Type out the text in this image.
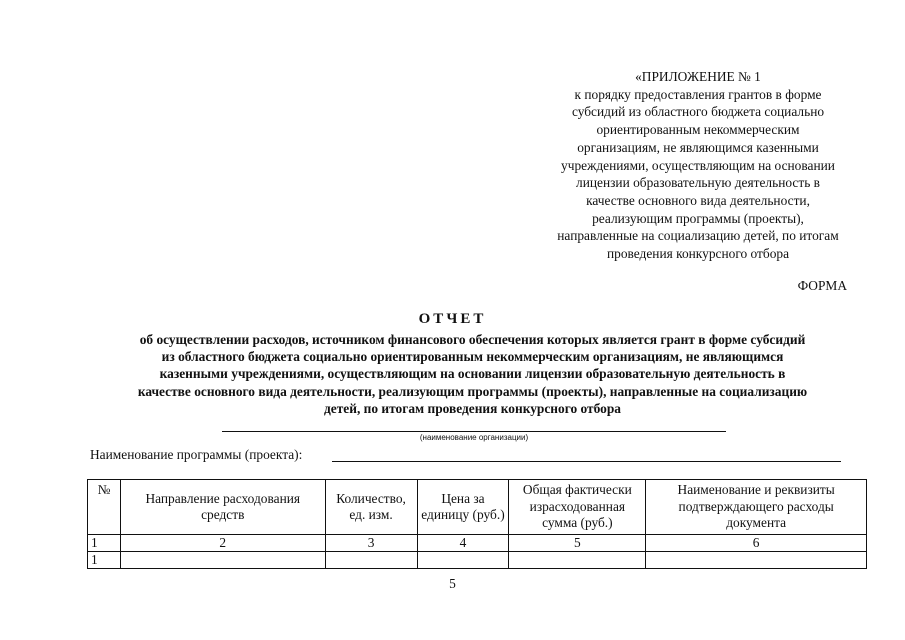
«ПРИЛОЖЕНИЕ № 1
к порядку предоставления грантов в форме
субсидий из областного бюджета социально
ориентированным некоммерческим
организациям, не являющимся казенными
учреждениями, осуществляющим на основании
лицензии образовательную деятельность в
качестве основного вида деятельности,
реализующим программы (проекты),
направленные на социализацию детей, по итогам
проведения конкурсного отбора
ФОРМА
ОТЧЕТ
об осуществлении расходов, источником финансового обеспечения которых является грант в форме субсидий
из областного бюджета социально ориентированным некоммерческим организациям, не являющимся
казенными учреждениями, осуществляющим на основании лицензии образовательную деятельность в
качестве основного вида деятельности, реализующим программы (проекты), направленные на социализацию
детей, по итогам проведения конкурсного отбора
(наименование организации)
Наименование программы (проекта):
№	Направление расходования средств	Количество, ед. изм.	Цена за единицу (руб.)	Общая фактически израсходованная сумма (руб.)	Наименование и реквизиты подтверждающего расходы документа
1	2	3	4	5	6
1					
5
